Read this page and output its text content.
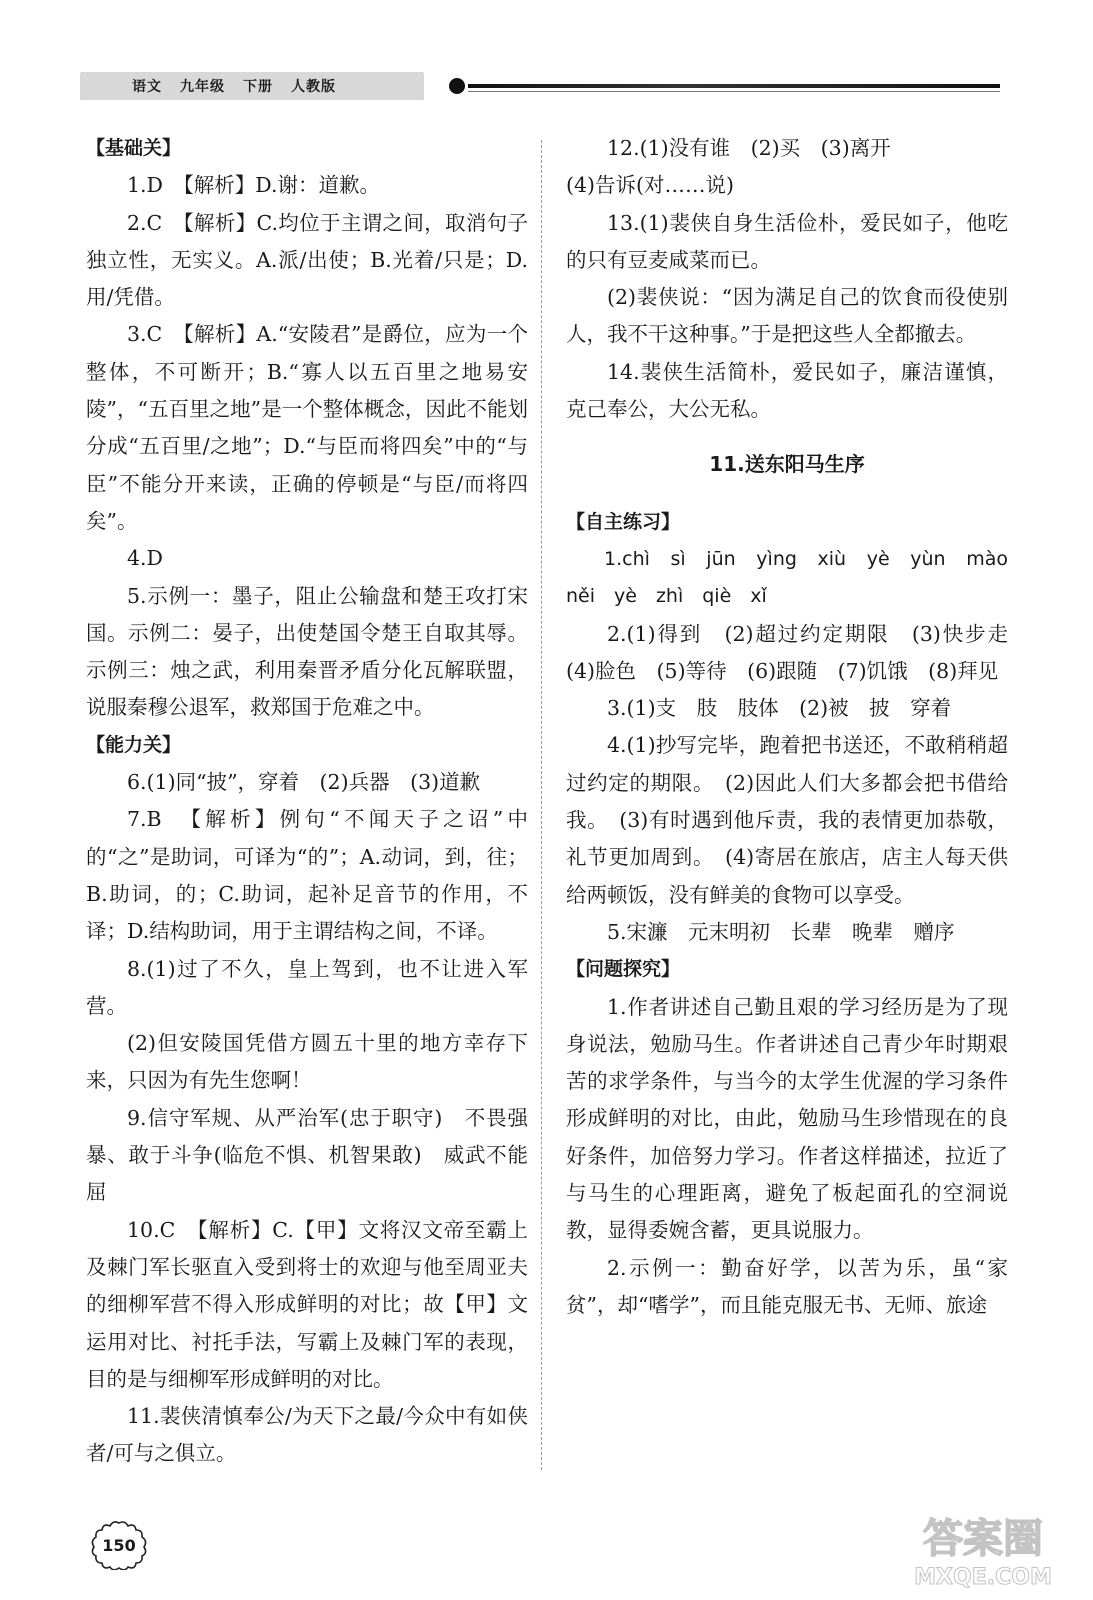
语文 九年级 下册 人教版

【基础关】

1.D　【解析】D.谢：道歉。

2.C　【解析】C.均位于主谓之间，取消句子独立性，无实义。A.派/出使；B.光着/只是；D.用/凭借。

3.C　【解析】A.“安陵君”是爵位，应为一个整体，不可断开；B.“寡人以五百里之地易安陵”，“五百里之地”是一个整体概念，因此不能划分成“五百里/之地”；D.“与臣而将四矣”中的“与臣”不能分开来读，正确的停顿是“与臣/而将四矣”。

4.D

5.示例一：墨子，阻止公输盘和楚王攻打宋国。示例二：晏子，出使楚国令楚王自取其辱。示例三：烛之武，利用秦晋矛盾分化瓦解联盟，说服秦穆公退军，救郑国于危难之中。

【能力关】

6.(1)同“披”，穿着　(2)兵器　(3)道歉

7.B　【解析】例句“不闻天子之诏”中的“之”是助词，可译为“的”；A.动词，到，往；B.助词，的；C.助词，起补足音节的作用，不译；D.结构助词，用于主谓结构之间，不译。

8.(1)过了不久，皇上驾到，也不让进入军营。

(2)但安陵国凭借方圆五十里的地方幸存下来，只因为有先生您啊！

9.信守军规、从严治军(忠于职守)　不畏强暴、敢于斗争(临危不惧、机智果敢)　威武不能屈

10.C　【解析】C.【甲】文将汉文帝至霸上及棘门军长驱直入受到将士的欢迎与他至周亚夫的细柳军营不得入形成鲜明的对比；故【甲】文运用对比、衬托手法，写霸上及棘门军的表现，目的是与细柳军形成鲜明的对比。

11.裴侠清慎奉公/为天下之最/今众中有如侠者/可与之俱立。

12.(1)没有谁　(2)买　(3)离开

(4)告诉(对……说)

13.(1)裴侠自身生活俭朴，爱民如子，他吃的只有豆麦咸菜而已。

(2)裴侠说：“因为满足自己的饮食而役使别人，我不干这种事。”于是把这些人全都撤去。

14.裴侠生活简朴，爱民如子，廉洁谨慎，克己奉公，大公无私。

11.送东阳马生序

【自主练习】

1.chì　sì　jūn　yìng　xiù　yè　yùn　mào　něi　yè　zhì　qiè　xǐ

2.(1)得到　(2)超过约定期限　(3)快步走　(4)脸色　(5)等待　(6)跟随　(7)饥饿　(8)拜见

3.(1)支　肢　肢体　(2)被　披　穿着

4.(1)抄写完毕，跑着把书送还，不敢稍稍超过约定的期限。　(2)因此人们大多都会把书借给我。　(3)有时遇到他斥责，我的表情更加恭敬，礼节更加周到。　(4)寄居在旅店，店主人每天供给两顿饭，没有鲜美的食物可以享受。

5.宋濂　元末明初　长辈　晚辈　赠序

【问题探究】

1.作者讲述自己勤且艰的学习经历是为了现身说法，勉励马生。作者讲述自己青少年时期艰苦的求学条件，与当今的太学生优渥的学习条件形成鲜明的对比，由此，勉励马生珍惜现在的良好条件，加倍努力学习。作者这样描述，拉近了与马生的心理距离，避免了板起面孔的空洞说教，显得委婉含蓄，更具说服力。

2.示例一：勤奋好学，以苦为乐，虽“家贫”，却“嗜学”，而且能克服无书、无师、旅途

150	答案圈
MXQE.COM
